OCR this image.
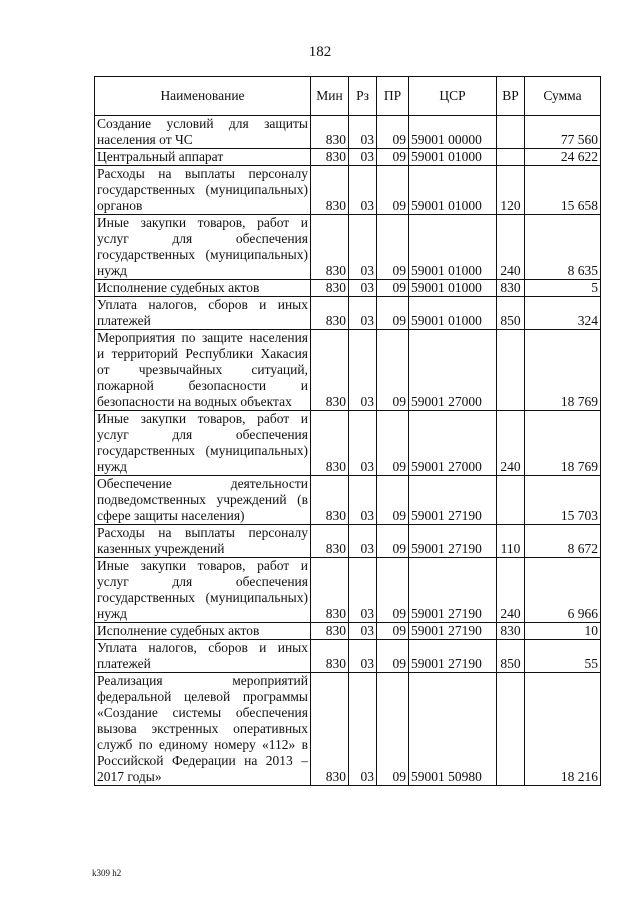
182
Наименование	Мин	Рз	ПР	ЦСР	ВР	Сумма
Создание условий для защиты населения от ЧС	830	03	09	59001 00000		77 560
Центральный аппарат	830	03	09	59001 01000		24 622
Расходы на выплаты персоналу государственных (муниципальных) органов	830	03	09	59001 01000	120	15 658
Иные закупки товаров, работ и услуг для обеспечения государственных (муниципальных) нужд	830	03	09	59001 01000	240	8 635
Исполнение судебных актов	830	03	09	59001 01000	830	5
Уплата налогов, сборов и иных платежей	830	03	09	59001 01000	850	324
Мероприятия по защите населения и территорий Республики Хакасия от чрезвычайных ситуаций, пожарной безопасности и безопасности на водных объектах	830	03	09	59001 27000		18 769
Иные закупки товаров, работ и услуг для обеспечения государственных (муниципальных) нужд	830	03	09	59001 27000	240	18 769
Обеспечение деятельности подведомственных учреждений (в сфере защиты населения)	830	03	09	59001 27190		15 703
Расходы на выплаты персоналу казенных учреждений	830	03	09	59001 27190	110	8 672
Иные закупки товаров, работ и услуг для обеспечения государственных (муниципальных) нужд	830	03	09	59001 27190	240	6 966
Исполнение судебных актов	830	03	09	59001 27190	830	10
Уплата налогов, сборов и иных платежей	830	03	09	59001 27190	850	55
Реализация мероприятий федеральной целевой программы «Создание системы обеспечения вызова экстренных оперативных служб по единому номеру «112» в Российской Федерации на 2013 – 2017 годы»	830	03	09	59001 50980		18 216
k309 h2
